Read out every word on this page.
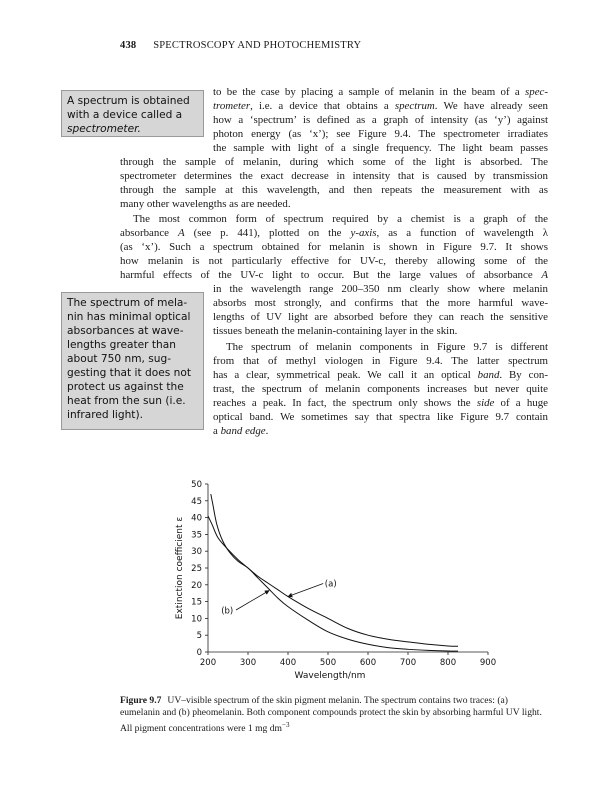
438 SPECTROSCOPY AND PHOTOCHEMISTRY
A spectrum is obtained
with a device called a
spectrometer.
The spectrum of mela-
nin has minimal optical
absorbances at wave-
lengths greater than
about 750 nm, sug-
gesting that it does not
protect us against the
heat from the sun (i.e.
infrared light).
to be the case by placing a sample of melanin in the beam of a spec-
trometer, i.e. a device that obtains a spectrum. We have already seen
how a ‘spectrum’ is defined as a graph of intensity (as ‘y’) against
photon energy (as ‘x’); see Figure 9.4. The spectrometer irradiates
the sample with light of a single frequency. The light beam passes
through the sample of melanin, during which some of the light is absorbed. The
spectrometer determines the exact decrease in intensity that is caused by transmission
through the sample at this wavelength, and then repeats the measurement with as
many other wavelengths as are needed.
The most common form of spectrum required by a chemist is a graph of the
absorbance A (see p. 441), plotted on the y-axis, as a function of wavelength λ
(as ‘x’). Such a spectrum obtained for melanin is shown in Figure 9.7. It shows
how melanin is not particularly effective for UV-c, thereby allowing some of the
harmful effects of the UV-c light to occur. But the large values of absorbance A
in the wavelength range 200–350 nm clearly show where melanin
absorbs most strongly, and confirms that the more harmful wave-
lengths of UV light are absorbed before they can reach the sensitive
tissues beneath the melanin-containing layer in the skin.
The spectrum of melanin components in Figure 9.7 is different
from that of methyl viologen in Figure 9.4. The latter spectrum
has a clear, symmetrical peak. We call it an optical band. By con-
trast, the spectrum of melanin components increases but never quite
reaches a peak. In fact, the spectrum only shows the side of a huge
optical band. We sometimes say that spectra like Figure 9.7 contain
a band edge.
200	300	400	500	600	700	800	900
0
5
10
15
20
25
30
35
40
45
50
(a)
(b)
Wavelength/nm
Extinction coefficient ε
Figure 9.7 UV–visible spectrum of the skin pigment melanin. The spectrum contains two traces: (a) eumelanin and (b) pheomelanin. Both component compounds protect the skin by absorbing harmful UV light. All pigment concentrations were 1 mg $dm^{-3}$
